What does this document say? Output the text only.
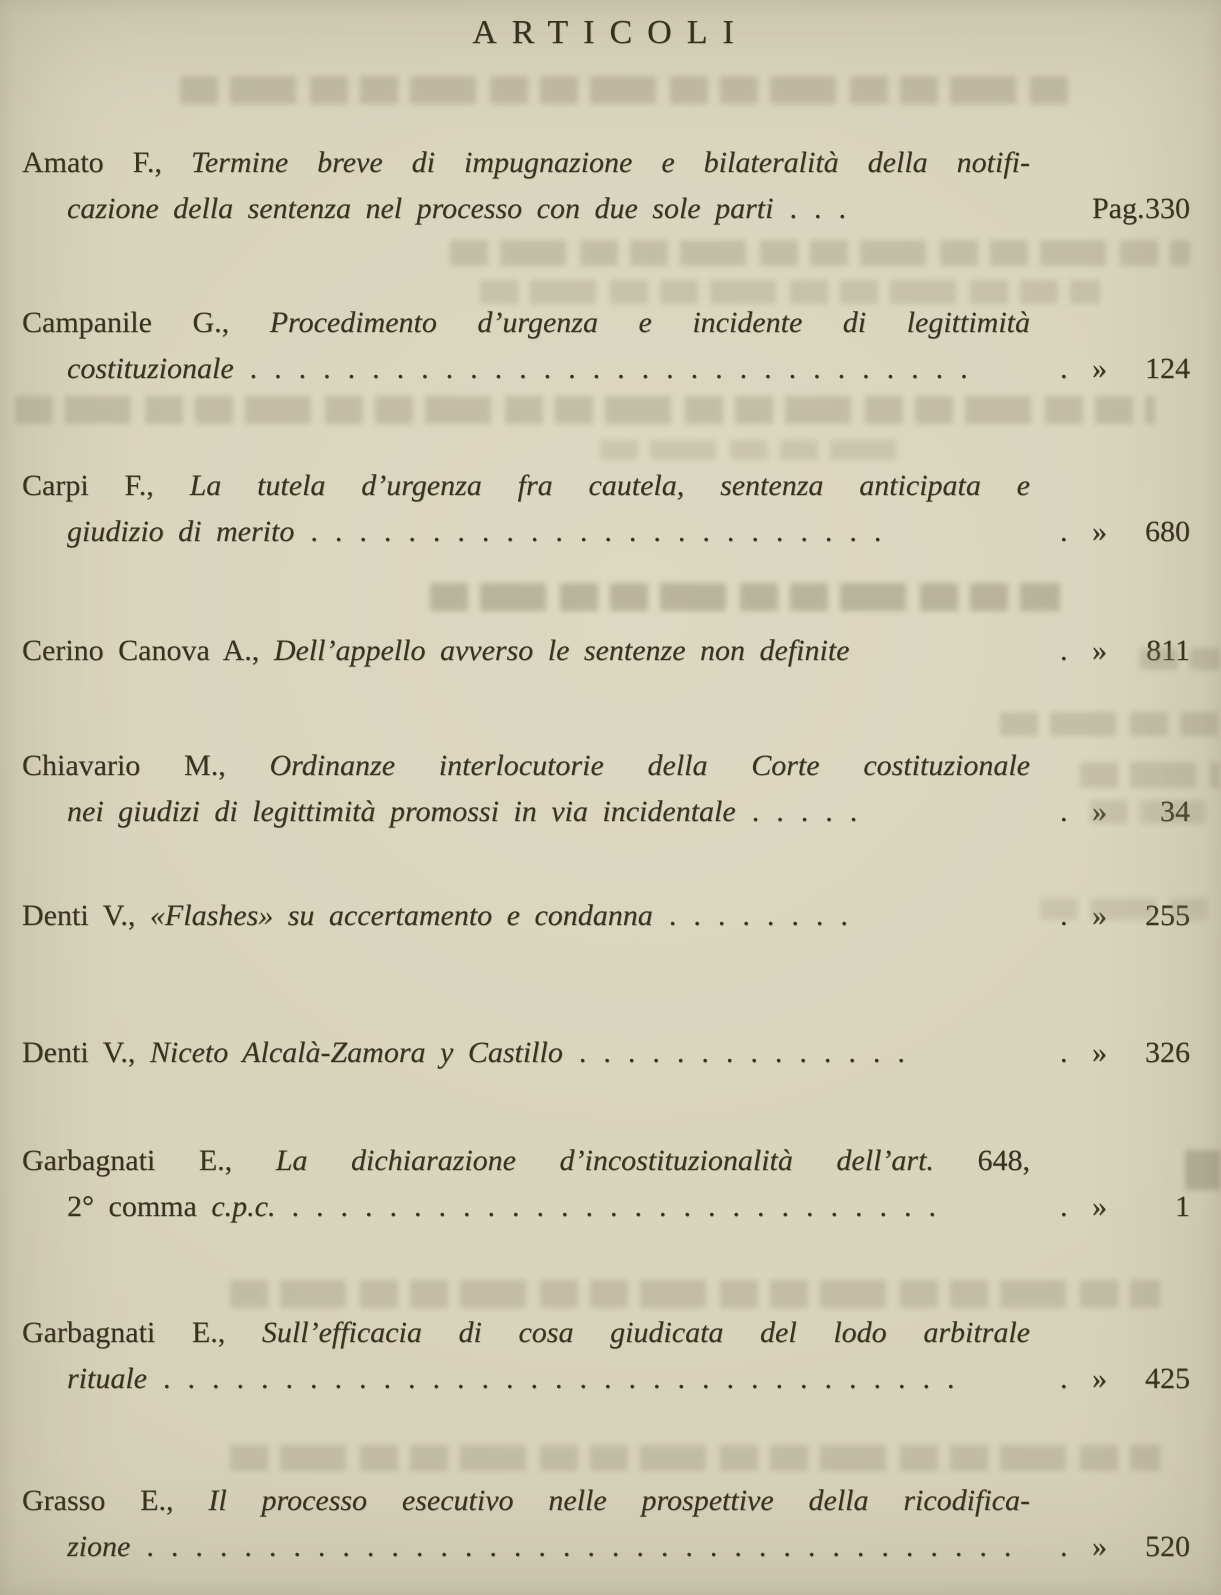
ARTICOLI
Amato F., Termine breve di impugnazione e bilateralità della notifi-
cazione della sentenza nel processo con due sole parti ...	Pag. 330
Campanile G., Procedimento d’urgenza e incidente di legittimità
costituzionale ..............................	. »	124
Carpi F., La tutela d’urgenza fra cautela, sentenza anticipata e
giudizio di merito ........................	. »	680
Cerino Canova A., Dell’appello avverso le sentenze non definite	. »	811
Chiavario M., Ordinanze interlocutorie della Corte costituzionale
nei giudizi di legittimità promossi in via incidentale .....	. »	34
Denti V., «Flashes» su accertamento e condanna ........	. »	255
Denti V., Niceto Alcalà-Zamora y Castillo ..............	. »	326
Garbagnati E., La dichiarazione d’incostituzionalità dell’art. 648,
2° comma c.p.c. ...........................	. »	1
Garbagnati E., Sull’efficacia di cosa giudicata del lodo arbitrale
rituale .................................	. »	425
Grasso E., Il processo esecutivo nelle prospettive della ricodifica-
zione ....................................	. »	520
